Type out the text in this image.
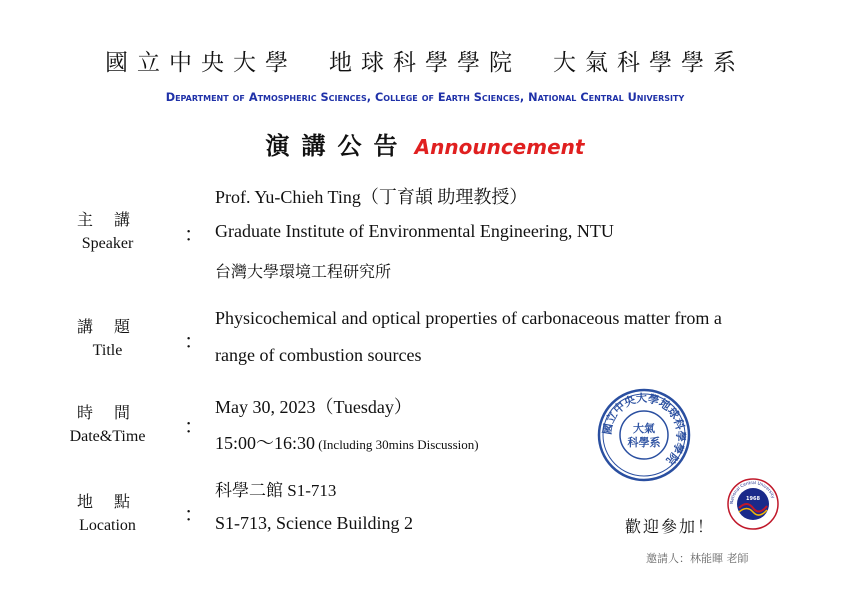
國立中央大學　地球科學學院　大氣科學學系
Department of Atmospheric Sciences, College of Earth Sciences, National Central University
演講公告 Announcement
主 講
Speaker	：
Prof. Yu-Chieh Ting（丁育頡 助理教授）
Graduate Institute of Environmental Engineering, NTU
台灣大學環境工程研究所
講 題
Title	：
Physicochemical and optical properties of carbonaceous matter from a
range of combustion sources
時 間
Date&Time	：
May 30, 2023（Tuesday）
15:00～16:30 (Including 30mins Discussion)
地 點
Location	：
科學二館 S1-713
S1-713, Science Building 2
國立中央大學地球科學學院
大氣
科學系
1968
National Central University
歡迎參加！
邀請人：林能暉 老師
